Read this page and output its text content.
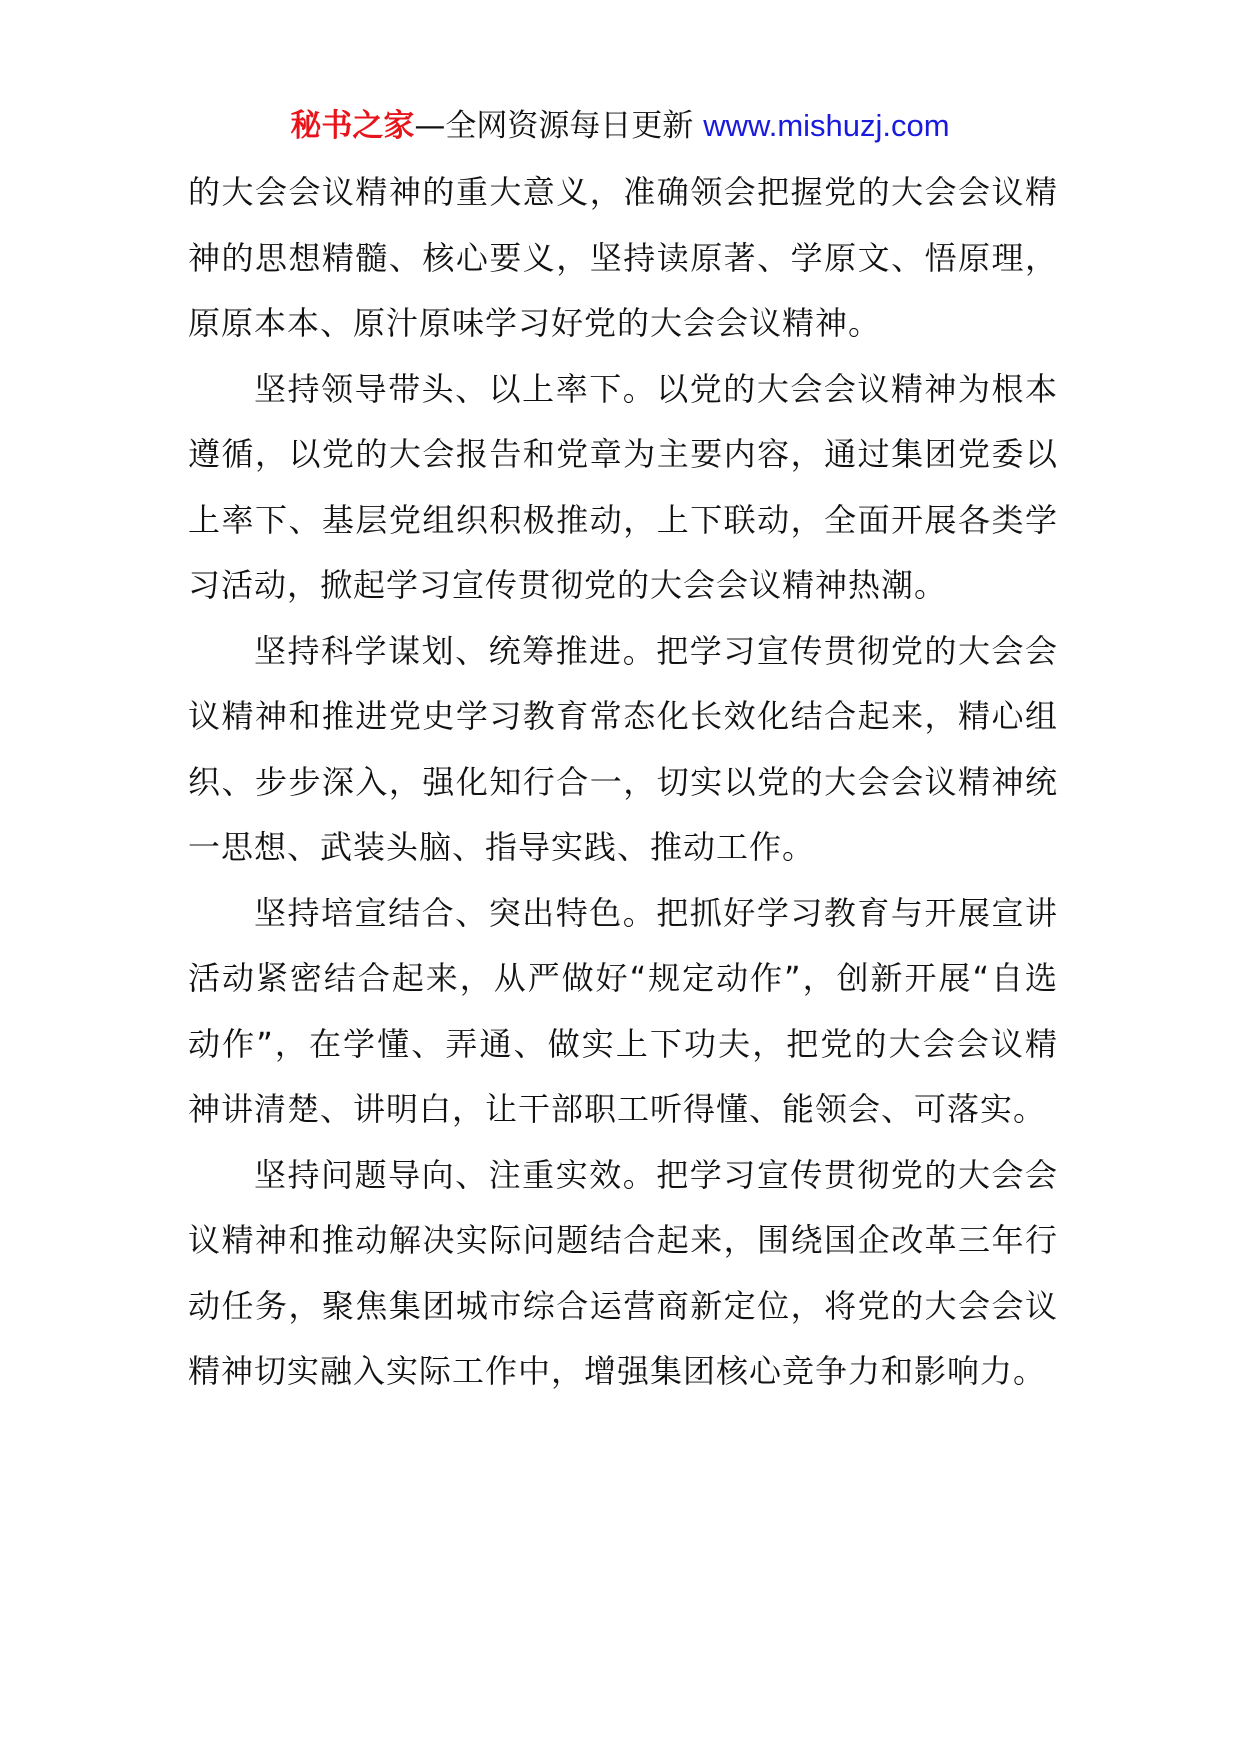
秘书之家—全网资源每日更新 www.mishuzj.com

的大会会议精神的重大意义，准确领会把握党的大会会议精神的思想精髓、核心要义，坚持读原著、学原文、悟原理，原原本本、原汁原味学习好党的大会会议精神。

坚持领导带头、以上率下。以党的大会会议精神为根本遵循，以党的大会报告和党章为主要内容，通过集团党委以上率下、基层党组织积极推动，上下联动，全面开展各类学习活动，掀起学习宣传贯彻党的大会会议精神热潮。

坚持科学谋划、统筹推进。把学习宣传贯彻党的大会会议精神和推进党史学习教育常态化长效化结合起来，精心组织、步步深入，强化知行合一，切实以党的大会会议精神统一思想、武装头脑、指导实践、推动工作。

坚持培宣结合、突出特色。把抓好学习教育与开展宣讲活动紧密结合起来，从严做好“规定动作”，创新开展“自选动作”，在学懂、弄通、做实上下功夫，把党的大会会议精神讲清楚、讲明白，让干部职工听得懂、能领会、可落实。

坚持问题导向、注重实效。把学习宣传贯彻党的大会会议精神和推动解决实际问题结合起来，围绕国企改革三年行动任务，聚焦集团城市综合运营商新定位，将党的大会会议精神切实融入实际工作中，增强集团核心竞争力和影响力。
